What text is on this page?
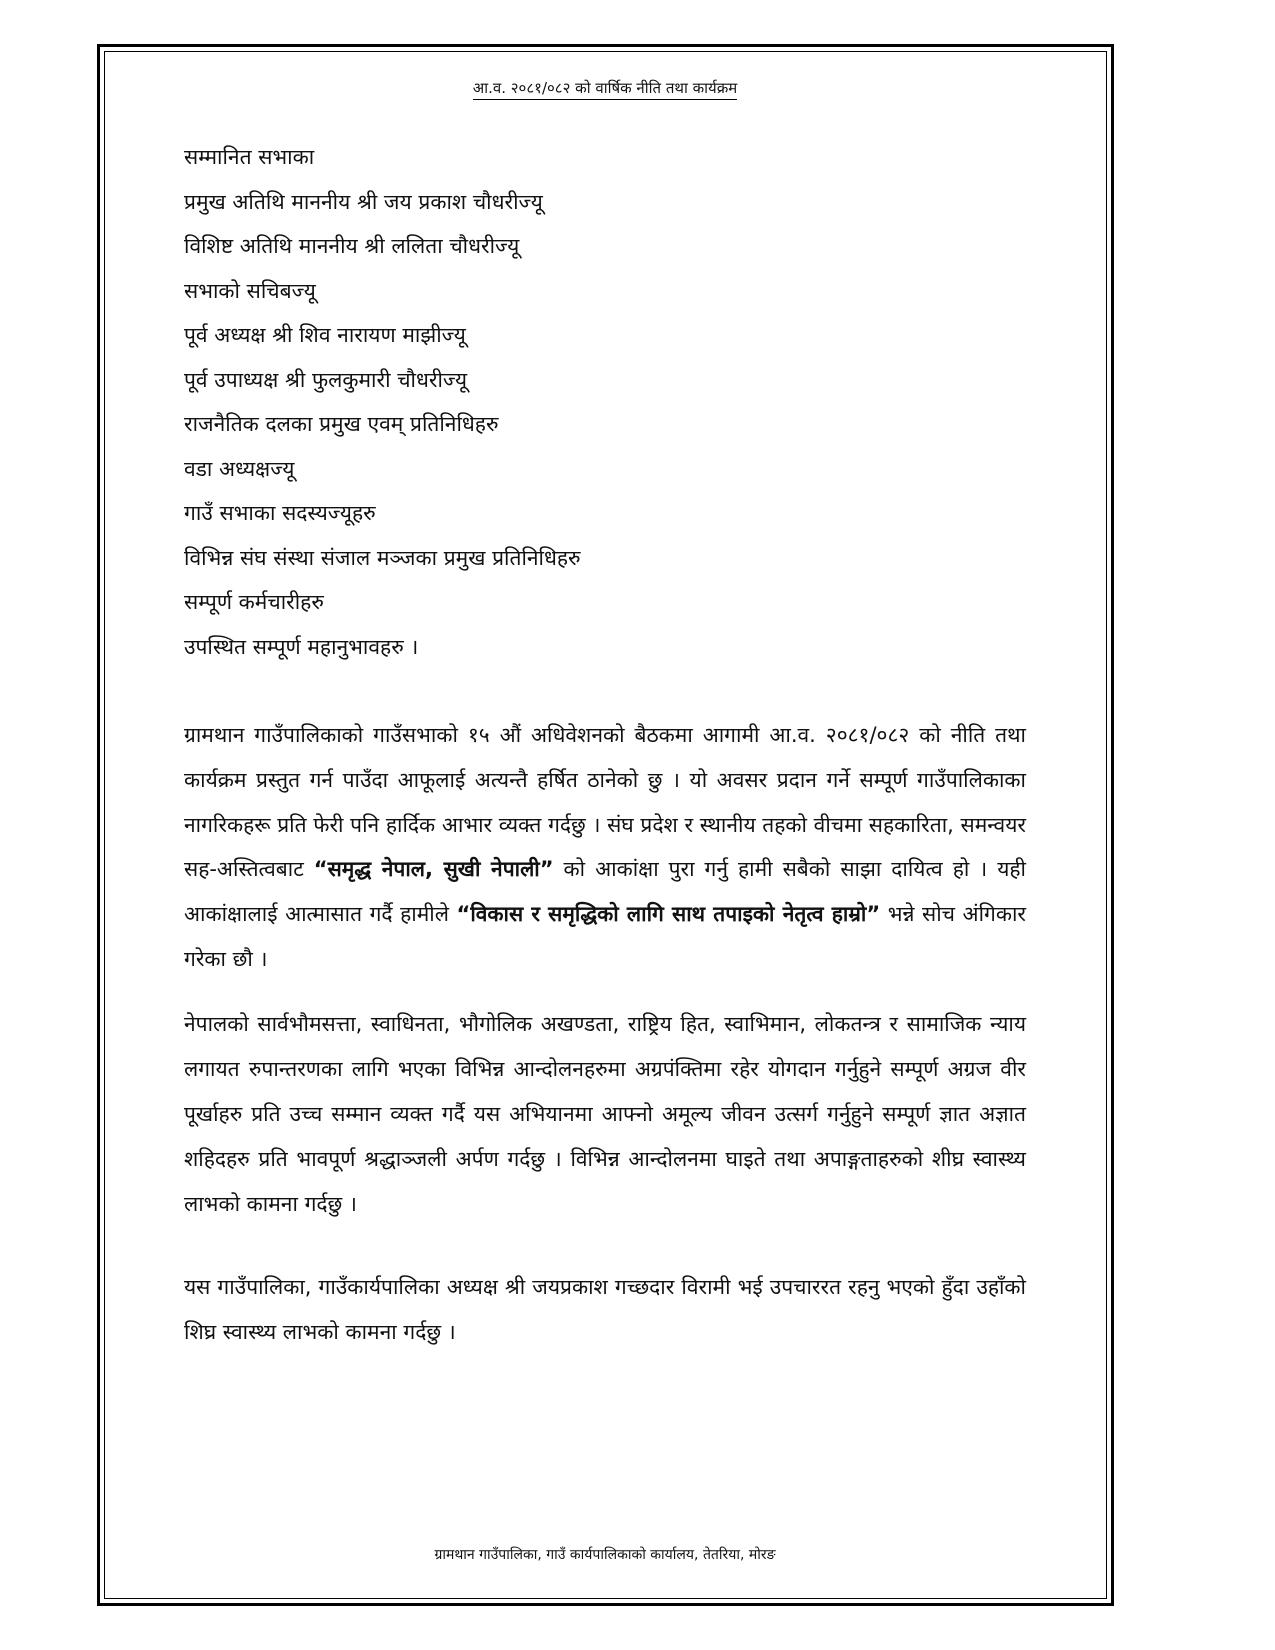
आ.व. २०८१/०८२ को वार्षिक नीति तथा कार्यक्रम
सम्मानित सभाका
प्रमुख अतिथि माननीय श्री जय प्रकाश चौधरीज्यू
विशिष्ट अतिथि माननीय श्री ललिता चौधरीज्यू
सभाको सचिबज्यू
पूर्व अध्यक्ष श्री शिव नारायण माझीज्यू
पूर्व उपाध्यक्ष श्री फुलकुमारी चौधरीज्यू
राजनैतिक दलका प्रमुख एवम् प्रतिनिधिहरु
वडा अध्यक्षज्यू
गाउँ सभाका सदस्यज्यूहरु
विभिन्न संघ संस्था संजाल मञ्जका प्रमुख प्रतिनिधिहरु
सम्पूर्ण कर्मचारीहरु
उपस्थित सम्पूर्ण महानुभावहरु ।
ग्रामथान गाउँपालिकाको गाउँसभाको १५ औं अधिवेशनको बैठकमा आगामी आ.व. २०८१/०८२ को नीति तथा कार्यक्रम प्रस्तुत गर्न पाउँदा आफूलाई अत्यन्तै हर्षित ठानेको छु । यो अवसर प्रदान गर्ने सम्पूर्ण गाउँपालिकाका नागरिकहरू प्रति फेरी पनि हार्दिक आभार व्यक्त गर्दछु । संघ प्रदेश र स्थानीय तहको वीचमा सहकारिता, समन्वयर सह-अस्तित्वबाट “समृद्ध नेपाल, सुखी नेपाली” को आकांक्षा पुरा गर्नु हामी सबैको साझा दायित्व हो । यही आकांक्षालाई आत्मासात गर्दै हामीले “विकास र समृद्धिको लागि साथ तपाइको नेतृत्व हाम्रो” भन्ने सोच अंगिकार गरेका छौ ।
नेपालको सार्वभौमसत्ता, स्वाधिनता, भौगोलिक अखण्डता, राष्ट्रिय हित, स्वाभिमान, लोकतन्त्र र सामाजिक न्याय लगायत रुपान्तरणका लागि भएका विभिन्न आन्दोलनहरुमा अग्रपंक्तिमा रहेर योगदान गर्नुहुने सम्पूर्ण अग्रज वीर पूर्खाहरु प्रति उच्च सम्मान व्यक्त गर्दै यस अभियानमा आफ्नो अमूल्य जीवन उत्सर्ग गर्नुहुने सम्पूर्ण ज्ञात अज्ञात शहिदहरु प्रति भावपूर्ण श्रद्धाञ्जली अर्पण गर्दछु । विभिन्न आन्दोलनमा घाइते तथा अपाङ्गताहरुको शीघ्र स्वास्थ्य लाभको कामना गर्दछु ।
यस गाउँपालिका, गाउँकार्यपालिका अध्यक्ष श्री जयप्रकाश गच्छदार विरामी भई उपचाररत रहनु भएको हुँदा उहाँको शिघ्र स्वास्थ्य लाभको कामना गर्दछु ।
ग्रामथान गाउँपालिका, गाउँ कार्यपालिकाको कार्यालय, तेतरिया, मोरङ
